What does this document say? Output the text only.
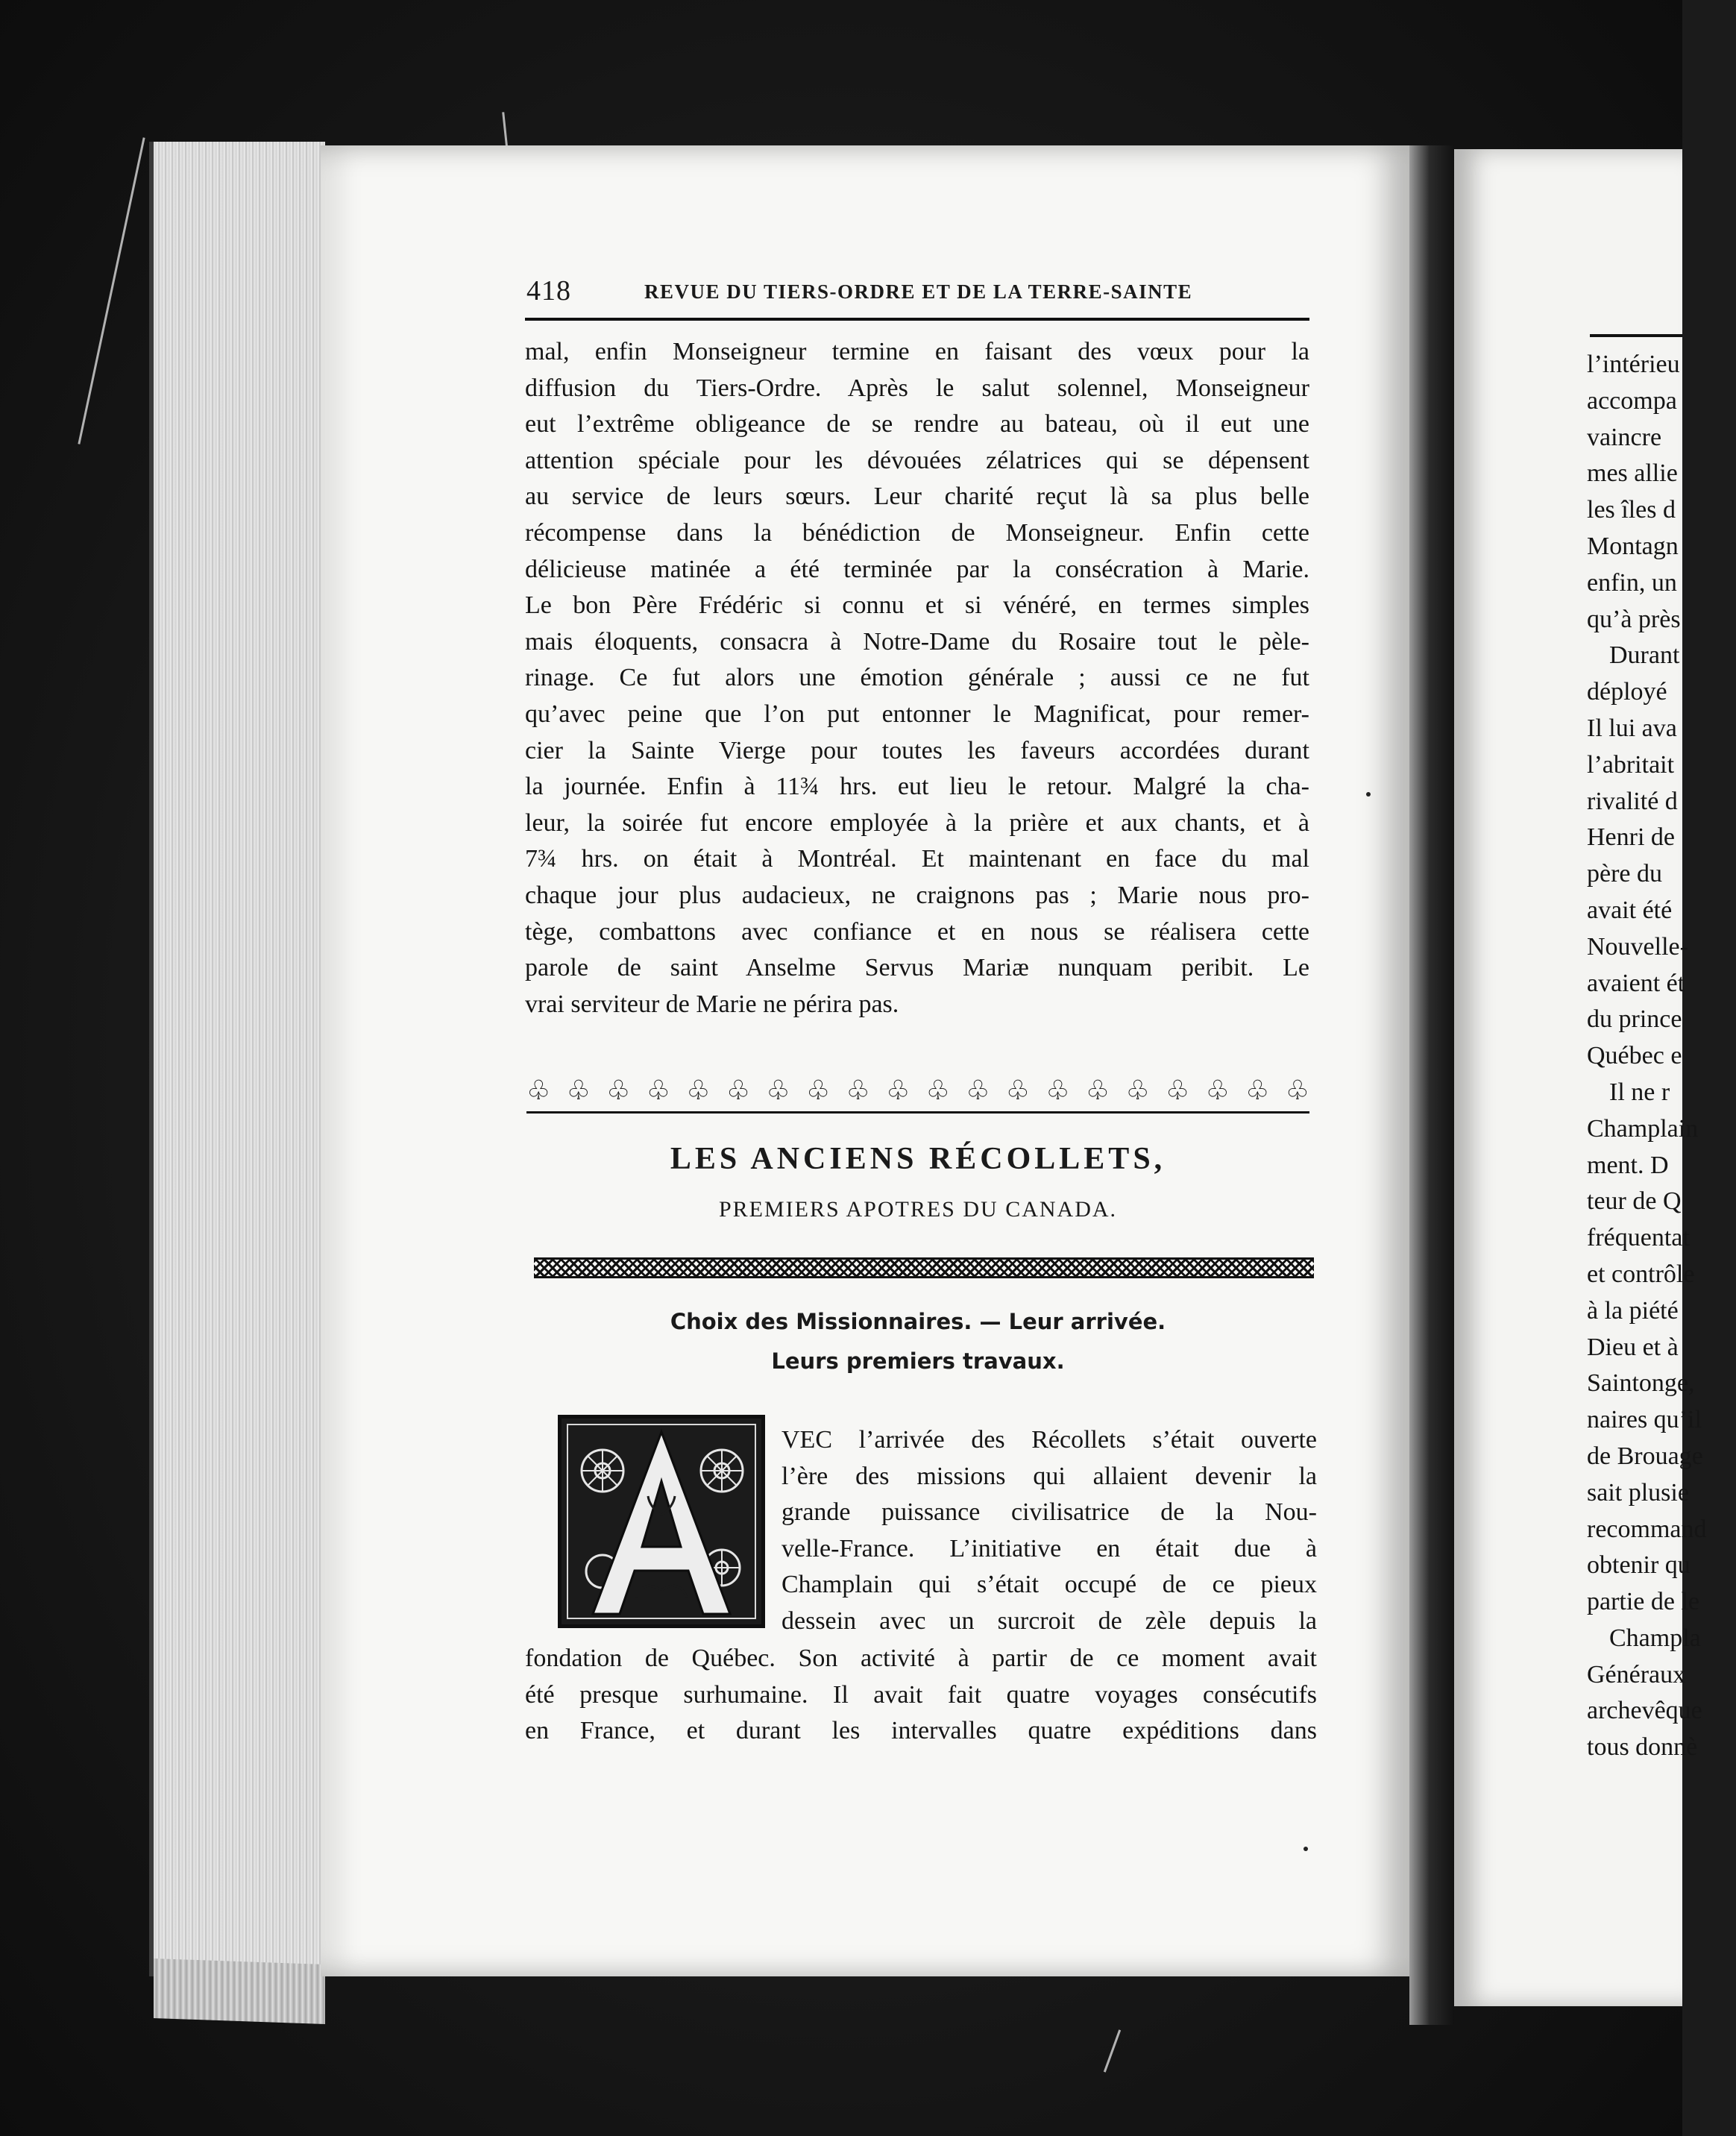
418	REVUE DU TIERS-ORDRE ET DE LA TERRE-SAINTE
mal, enfin Monseigneur termine en faisant des vœux pour la
diffusion du Tiers-Ordre. Après le salut solennel, Monseigneur
eut l’extrême obligeance de se rendre au bateau, où il eut une
attention spéciale pour les dévouées zélatrices qui se dépensent
au service de leurs sœurs. Leur charité reçut là sa plus belle
récompense dans la bénédiction de Monseigneur. Enfin cette
délicieuse matinée a été terminée par la consécration à Marie.
Le bon Père Frédéric si connu et si vénéré, en termes simples
mais éloquents, consacra à Notre-Dame du Rosaire tout le pèle-
rinage. Ce fut alors une émotion générale ; aussi ce ne fut
qu’avec peine que l’on put entonner le Magnificat, pour remer-
cier la Sainte Vierge pour toutes les faveurs accordées durant
la journée. Enfin à 11¾ hrs. eut lieu le retour. Malgré la cha-
leur, la soirée fut encore employée à la prière et aux chants, et à
7¾ hrs. on était à Montréal. Et maintenant en face du mal
chaque jour plus audacieux, ne craignons pas ; Marie nous pro-
tège, combattons avec confiance et en nous se réalisera cette
parole de saint Anselme Servus Mariæ nunquam peribit. Le
vrai serviteur de Marie ne périra pas.
♧ ♧ ♧ ♧ ♧ ♧ ♧ ♧ ♧ ♧ ♧ ♧ ♧ ♧ ♧ ♧ ♧ ♧ ♧ ♧
LES ANCIENS RÉCOLLETS,
PREMIERS APOTRES DU CANADA.
Choix des Missionnaires. — Leur arrivée.
Leurs premiers travaux.
VEC l’arrivée des Récollets s’était ouverte
l’ère des missions qui allaient devenir la
grande puissance civilisatrice de la Nou-
velle-France. L’initiative en était due à
Champlain qui s’était occupé de ce pieux
dessein avec un surcroit de zèle depuis la
fondation de Québec. Son activité à partir de ce moment avait
été presque surhumaine. Il avait fait quatre voyages consécutifs
en France, et durant les intervalles quatre expéditions dans
l’intérieu
accompa
vaincre
mes allie
les îles d
Montagn
enfin, un
qu’à près
Durant
déployé
Il lui ava
l’abritait
rivalité d
Henri de
père du
avait été
Nouvelle-
avaient ét
du prince
Québec e
Il ne r
Champlain
ment. D
teur de Q
fréquentat
et contrôle
à la piété
Dieu et à
Saintonge,
naires qu’il
de Brouage
sait plusie
recommand
obtenir qu
partie de le
Champla
Généraux
archevêque
tous donnè
